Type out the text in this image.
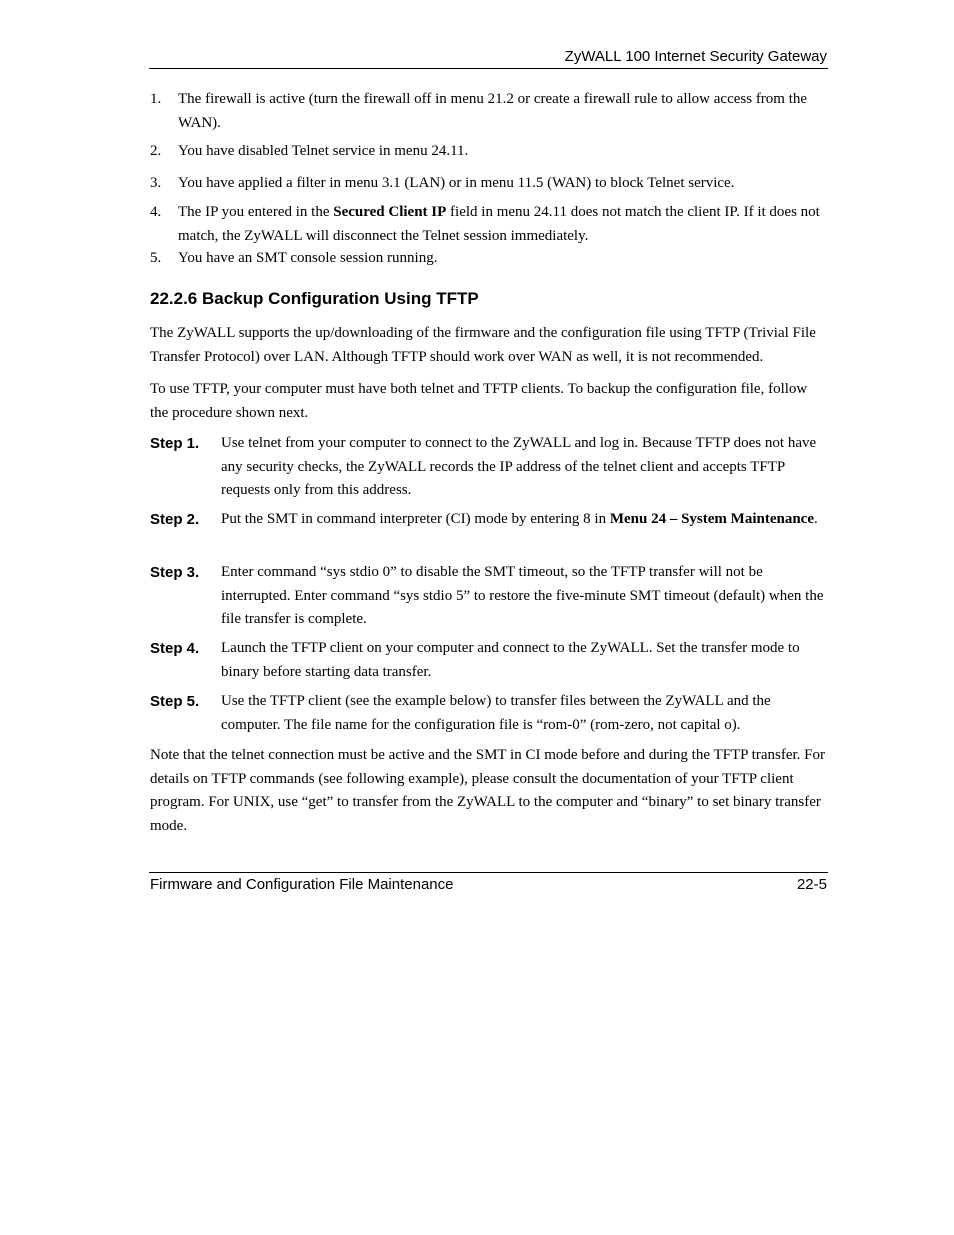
ZyWALL 100 Internet Security Gateway
1. The firewall is active (turn the firewall off in menu 21.2 or create a firewall rule to allow access from the WAN).
2. You have disabled Telnet service in menu 24.11.
3. You have applied a filter in menu 3.1 (LAN) or in menu 11.5 (WAN) to block Telnet service.
4. The IP you entered in the Secured Client IP field in menu 24.11 does not match the client IP. If it does not match, the ZyWALL will disconnect the Telnet session immediately.
5. You have an SMT console session running.
22.2.6 Backup Configuration Using TFTP
The ZyWALL supports the up/downloading of the firmware and the configuration file using TFTP (Trivial File Transfer Protocol) over LAN. Although TFTP should work over WAN as well, it is not recommended.
To use TFTP, your computer must have both telnet and TFTP clients. To backup the configuration file, follow the procedure shown next.
Step 1. Use telnet from your computer to connect to the ZyWALL and log in. Because TFTP does not have any security checks, the ZyWALL records the IP address of the telnet client and accepts TFTP requests only from this address.
Step 2. Put the SMT in command interpreter (CI) mode by entering 8 in Menu 24 – System Maintenance.
Step 3. Enter command “sys stdio 0” to disable the SMT timeout, so the TFTP transfer will not be interrupted. Enter command “sys stdio 5” to restore the five-minute SMT timeout (default) when the file transfer is complete.
Step 4. Launch the TFTP client on your computer and connect to the ZyWALL. Set the transfer mode to binary before starting data transfer.
Step 5. Use the TFTP client (see the example below) to transfer files between the ZyWALL and the computer. The file name for the configuration file is “rom-0” (rom-zero, not capital o).
Note that the telnet connection must be active and the SMT in CI mode before and during the TFTP transfer. For details on TFTP commands (see following example), please consult the documentation of your TFTP client program. For UNIX, use “get” to transfer from the ZyWALL to the computer and “binary” to set binary transfer mode.
Firmware and Configuration File Maintenance	22-5
